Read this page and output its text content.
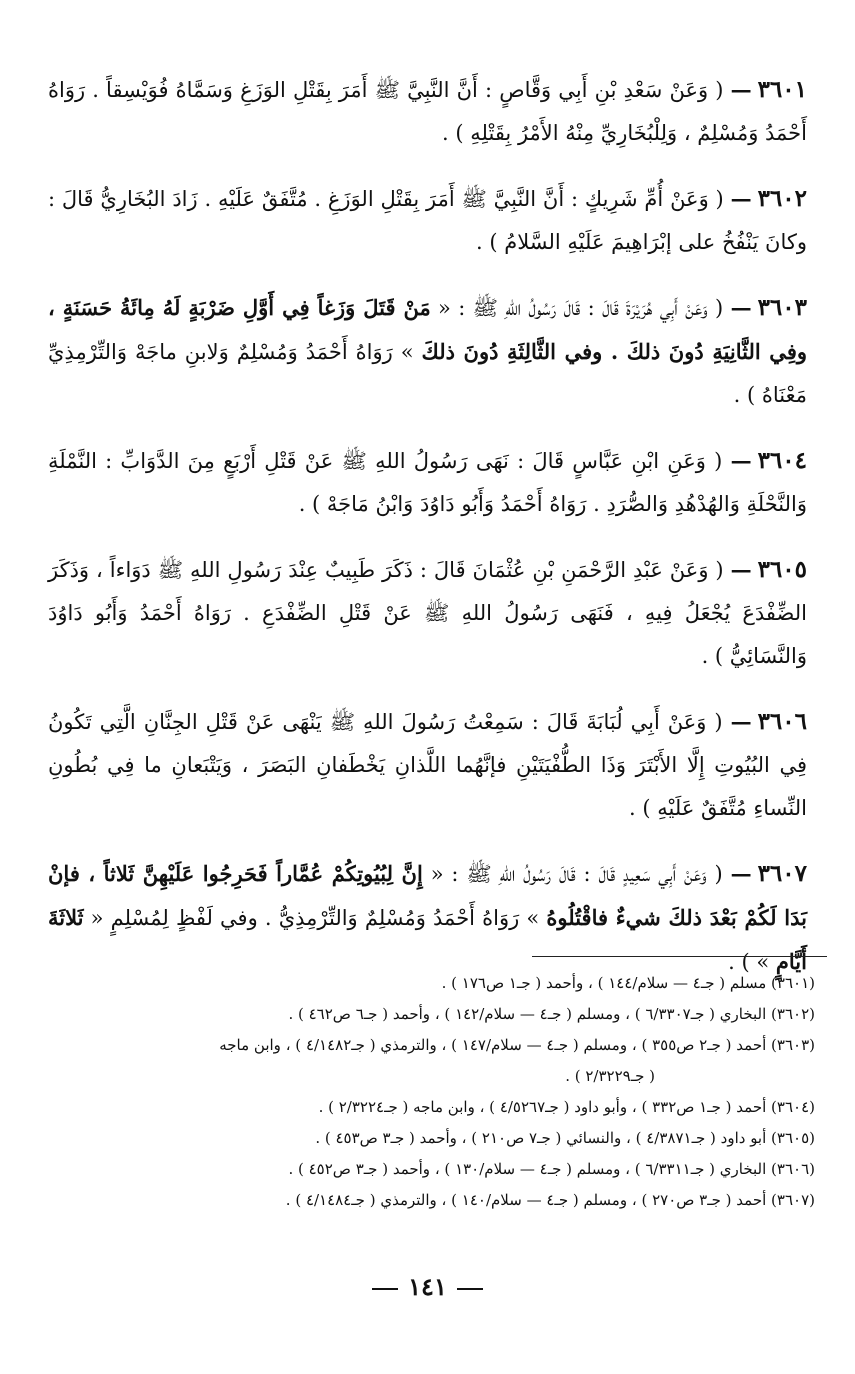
٣٦٠١— ( وَعَنْ سَعْدِ بْنِ أَبِي وَقَّاصٍ : أَنَّ النَّبِيَّ ﷺ أَمَرَ بِقَتْلِ الوَزَغِ وَسَمَّاهُ فُوَيْسِقاً . رَوَاهُ أَحْمَدُ وَمُسْلِمٌ ، وَلِلْبُخَارِيِّ مِنْهُ الأَمْرُ بِقَتْلِهِ ) .

٣٦٠٢— ( وَعَنْ أُمِّ شَرِيكٍ : أَنَّ النَّبِيَّ ﷺ أَمَرَ بِقَتْلِ الوَزَغِ . مُتَّفَقٌ عَلَيْهِ . زَادَ البُخَارِيُّ قَالَ : وكانَ يَنْفُخُ على إبْرَاهِيمَ عَلَيْهِ السَّلامُ ) .

٣٦٠٣— ( وَعَنْ أَبِي هُرَيْرَةَ قَالَ : قَالَ رَسُولُ اللهِ ﷺ : « مَنْ قَتَلَ وَزَغاً فِي أَوَّلِ ضَرْبَةٍ لَهُ مِائَةُ حَسَنَةٍ ، وفِي الثَّانِيَةِ دُونَ ذلكَ . وفي الثَّالِثَةِ دُونَ ذلكَ » رَوَاهُ أَحْمَدُ وَمُسْلِمٌ وَلابنِ ماجَهْ وَالتِّرْمِذِيِّ مَعْنَاهُ ) .

٣٦٠٤— ( وَعَنِ ابْنِ عَبَّاسٍ قَالَ : نَهَى رَسُولُ اللهِ ﷺ عَنْ قَتْلِ أَرْبَعٍ مِنَ الدَّوَابِّ : النَّمْلَةِ وَالنَّحْلَةِ وَالهُدْهُدِ وَالصُّرَدِ . رَوَاهُ أَحْمَدُ وَأَبُو دَاوُدَ وَابْنُ مَاجَهْ ) .

٣٦٠٥— ( وَعَنْ عَبْدِ الرَّحْمَنِ بْنِ عُثْمَانَ قَالَ : ذَكَرَ طَبِيبٌ عِنْدَ رَسُولِ اللهِ ﷺ دَوَاءاً ، وَذَكَرَ الضِّفْدَعَ يُجْعَلُ فِيهِ ، فَنَهَى رَسُولُ اللهِ ﷺ عَنْ قَتْلِ الضِّفْدَعِ . رَوَاهُ أَحْمَدُ وَأَبُو دَاوُدَ وَالنَّسَائِيُّ ) .

٣٦٠٦— ( وَعَنْ أَبِي لُبَابَةَ قَالَ : سَمِعْتُ رَسُولَ اللهِ ﷺ يَنْهَى عَنْ قَتْلِ الجِنَّانِ الَّتِي تَكُونُ فِي البُيُوتِ إِلَّا الأَبْتَرَ وَذَا الطُّفْيَتَيْنِ فإنَّهُما اللَّذانِ يَخْطَفانِ البَصَرَ ، وَيَتْبَعانِ ما فِي بُطُونِ النِّساءِ مُتَّفَقٌ عَلَيْهِ ) .

٣٦٠٧— ( وَعَنْ أَبِي سَعِيدٍ قَالَ : قَالَ رَسُولُ اللهِ ﷺ : « إِنَّ لِبُيُوتِكُمْ عُمَّاراً فَحَرِجُوا عَلَيْهِنَّ ثَلاثاً ، فإنْ بَدَا لَكُمْ بَعْدَ ذلكَ شيءٌ فاقْتُلُوهُ » رَوَاهُ أَحْمَدُ وَمُسْلِمٌ وَالتِّرْمِذِيُّ . وفي لَفْظٍ لِمُسْلِمٍ « ثَلاثَةَ أَيَّامٍ » ) .

(٣٦٠١) مسلم ( جـ٤ — سلام/١٤٤ ) ، وأحمد ( جـ١ ص١٧٦ ) .

(٣٦٠٢) البخاري ( جـ٦/٣٣٠٧ ) ، ومسلم ( جـ٤ — سلام/١٤٢ ) ، وأحمد ( جـ٦ ص٤٦٢ ) .

(٣٦٠٣) أحمد ( جـ٢ ص٣٥٥ ) ، ومسلم ( جـ٤ — سلام/١٤٧ ) ، والترمذي ( جـ٤/١٤٨٢ ) ، وابن ماجه
( جـ٢/٣٢٢٩ ) .

(٣٦٠٤) أحمد ( جـ١ ص٣٣٢ ) ، وأبو داود ( جـ٤/٥٢٦٧ ) ، وابن ماجه ( جـ٢/٣٢٢٤ ) .

(٣٦٠٥) أبو داود ( جـ٤/٣٨٧١ ) ، والنسائي ( جـ٧ ص٢١٠ ) ، وأحمد ( جـ٣ ص٤٥٣ ) .

(٣٦٠٦) البخاري ( جـ٦/٣٣١١ ) ، ومسلم ( جـ٤ — سلام/١٣٠ ) ، وأحمد ( جـ٣ ص٤٥٢ ) .

(٣٦٠٧) أحمد ( جـ٣ ص٢٧٠ ) ، ومسلم ( جـ٤ — سلام/١٤٠ ) ، والترمذي ( جـ٤/١٤٨٤ ) .

١٤١
